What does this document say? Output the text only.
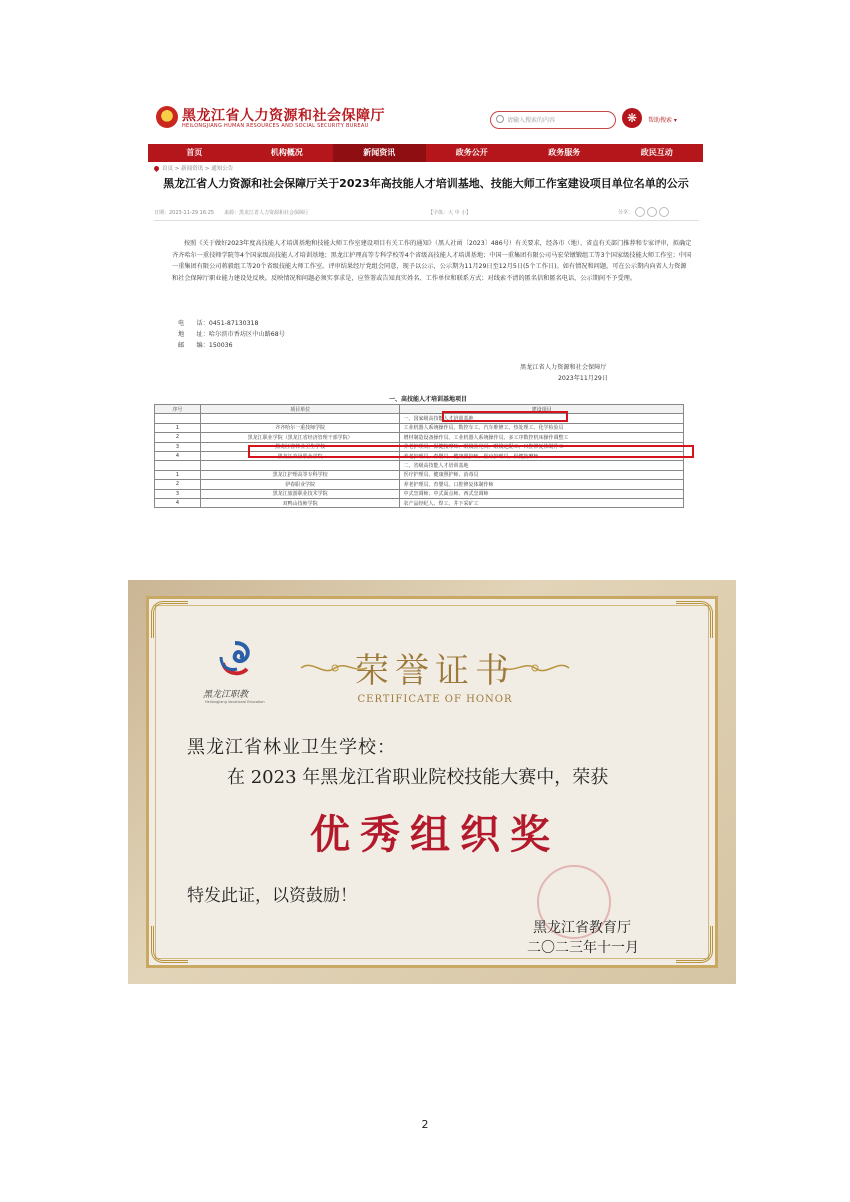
黑龙江省人力资源和社会保障厅
HEILONGJIANG HUMAN RESOURCES AND SOCIAL SECURITY BUREAU
请输入搜索的内容	❋	帮助搜索 ▾
首页	机构概况	新闻资讯	政务公开	政务服务	政民互动
首页 > 新闻资讯 > 通知公告
黑龙江省人力资源和社会保障厅关于2023年高技能人才培训基地、技能大师工作室建设项目单位名单的公示
日期：2023-11-29 16:25　　来源：黑龙江省人力资源和社会保障厅	【字体：大 中 小】	分享：
按照《关于做好2023年度高技能人才培训基地和技能大师工作室建设项目有关工作的通知》（黑人社函〔2023〕486号）有关要求，经各市（地）、省直有关部门推荐和专家评审，拟确定齐齐哈尔一重技师学院等4个国家级高技能人才培训基地；黑龙江护理高等专科学校等4个省级高技能人才培训基地；中国一重集团有限公司马宏荣镦锻组工等3个国家级技能大师工作室；中国一重集团有限公司蒋毅组工等20个省级技能大师工作室。评审结果经厅党组会同意，现予以公示，公示期为11月29日至12月5日(5个工作日)。如有情况和问题，可在公示期内向省人力资源和社会保障厅职业能力建设处反映。反映情况和问题必须实事求是，应签署或告知真实姓名、工作单位和联系方式；对线索不清的匿名信和匿名电话，公示期间不予受理。
电　　话：0451-87130318
地　　址：哈尔滨市香坊区中山路68号
邮　　编：150036
黑龙江省人力资源和社会保障厅
2023年11月29日
一、高技能人才培训基地项目
序号	项目单位	建设项目
		一、国家级高技能人才培训基地
1	齐齐哈尔一重技师学院	工业机器人系统操作员、数控车工、汽车维修工、热处理工、化学检验员
2	黑龙江职业学院（黑龙江省经济管理干部学院）	增材制造设备操作员、工业机器人系统操作员、多工序数控机床操作调整工
3	黑龙江省林业卫生学校	养老护理员、保健按摩师、眼镜验光员、眼镜定配工、口腔修复体制作工
4	黑龙江农垦职业学院	养老护理员、育婴员、健康照护师、医疗护理员、保健按摩师
		二、省级高技能人才培训基地
1	黑龙江护理高等专科学校	医疗护理员、健康照护师、消毒员
2	伊春职业学院	养老护理员、育婴员、口腔修复体制作师
3	黑龙江旅游职业技术学院	中式烹调师、中式面点师、西式烹调师
4	双鸭山技师学院	农产品经纪人、焊工、井下采矿工
黑龙江职教
Heilongjiang Vocational Education
荣誉证书
CERTIFICATE OF HONOR
黑龙江省林业卫生学校：
在 2023 年黑龙江省职业院校技能大赛中，荣获
优秀组织奖
特发此证，以资鼓励！
黑龙江省教育厅
二〇二三年十一月
2
